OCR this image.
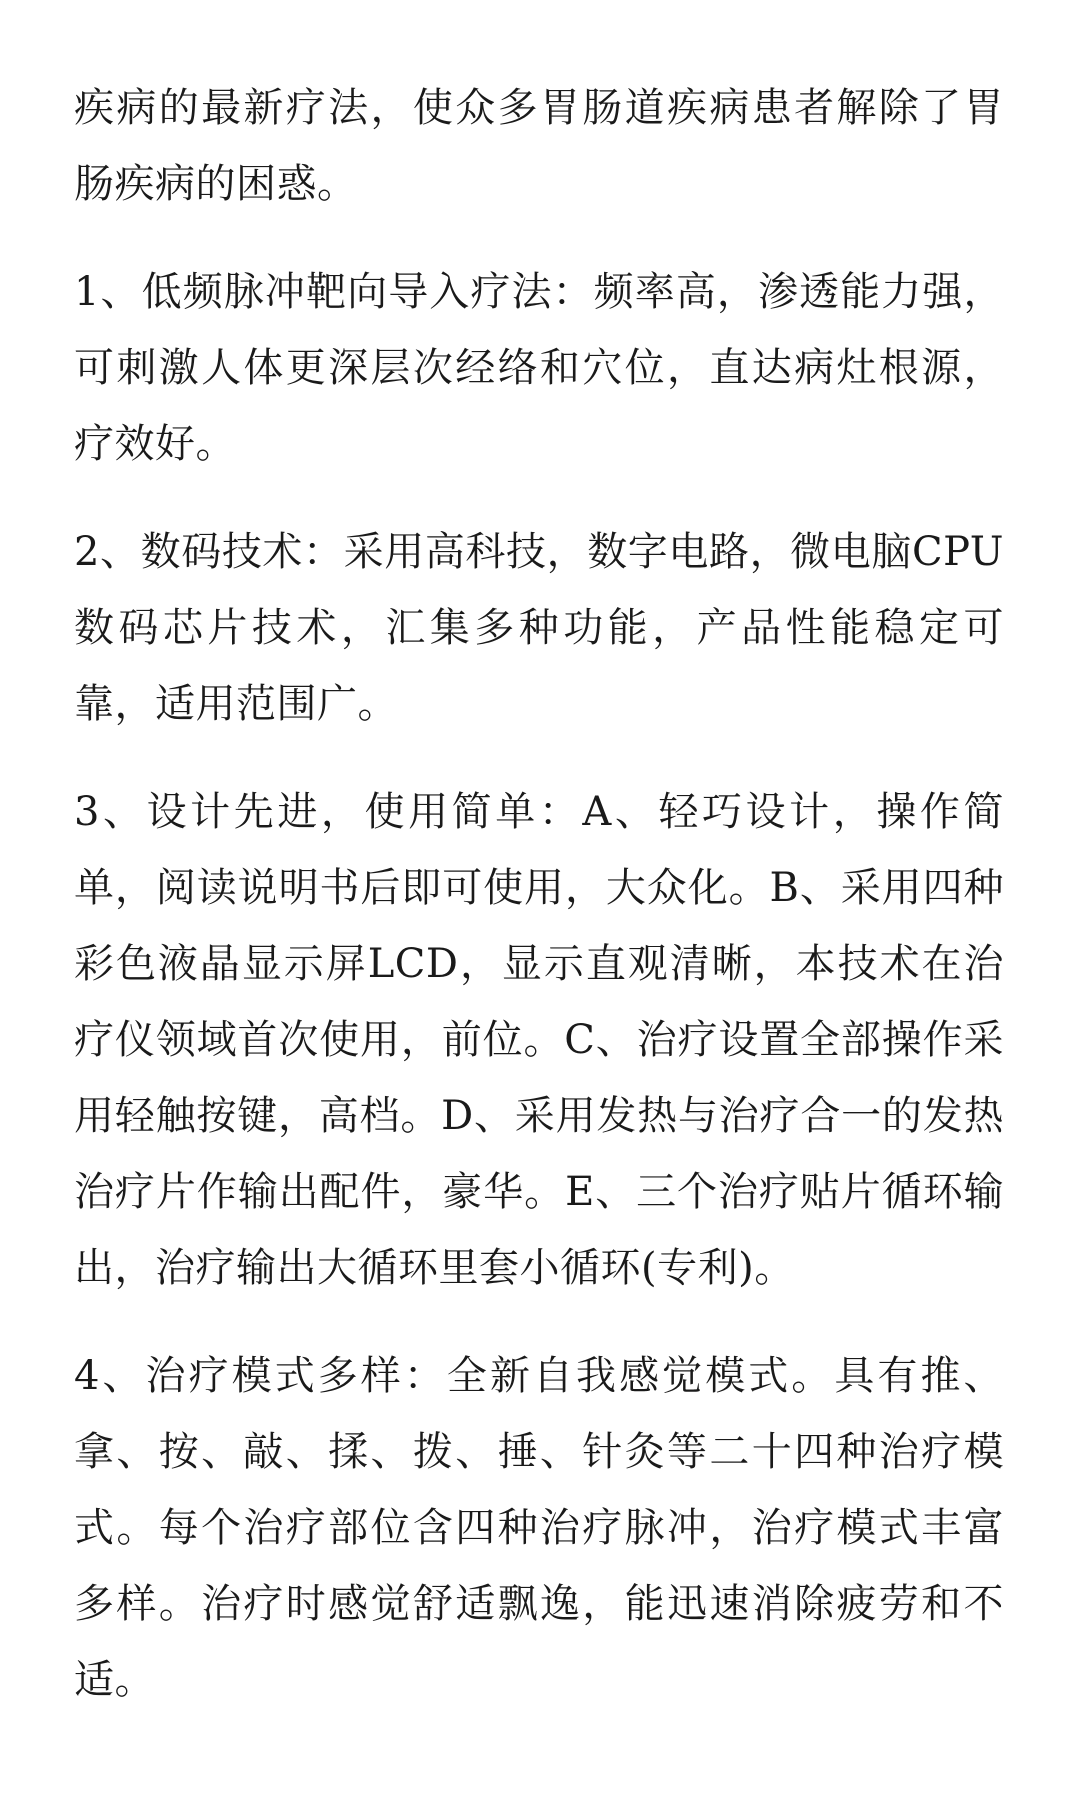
疾病的最新疗法，使众多胃肠道疾病患者解除了胃肠疾病的困惑。

1、低频脉冲靶向导入疗法：频率高，渗透能力强，可刺激人体更深层次经络和穴位，直达病灶根源，疗效好。

2、数码技术：采用高科技，数字电路，微电脑CPU数码芯片技术，汇集多种功能，产品性能稳定可靠，适用范围广。

3、设计先进，使用简单：A、轻巧设计，操作简单，阅读说明书后即可使用，大众化。B、采用四种彩色液晶显示屏LCD，显示直观清晰，本技术在治疗仪领域首次使用，前位。C、治疗设置全部操作采用轻触按键，高档。D、采用发热与治疗合一的发热治疗片作输出配件，豪华。E、三个治疗贴片循环输出，治疗输出大循环里套小循环(专利)。

4、治疗模式多样：全新自我感觉模式。具有推、拿、按、敲、揉、拨、捶、针灸等二十四种治疗模式。每个治疗部位含四种治疗脉冲，治疗模式丰富多样。治疗时感觉舒适飘逸，能迅速消除疲劳和不适。
